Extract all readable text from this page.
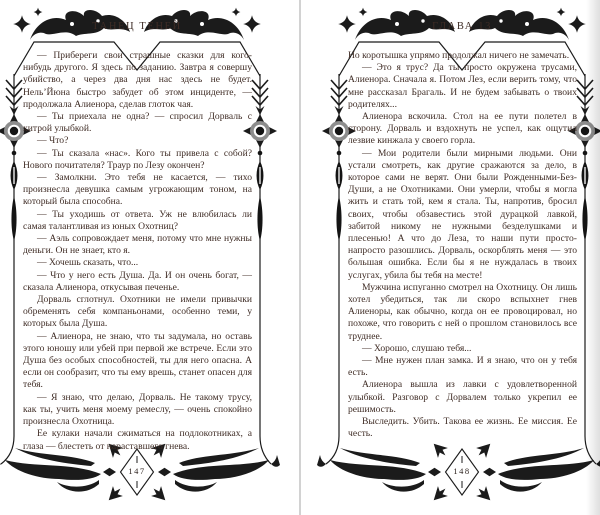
ТАНЕЦ ТЕНЕЙ

— Прибереги свои страшные сказки для кого-нибудь другого. Я здесь по заданию. Завтра я совершу убийство, а через два дня нас здесь не будет. Нель’Йюна быстро забудет об этом инциденте, — продолжала Алиенора, сделав глоток чая.

— Ты приехала не одна? — спросил Дорваль с хитрой улыбкой.

— Что?

— Ты сказала «нас». Кого ты привела с собой? Нового почитателя? Траур по Лезу окончен?

— Замолкни. Это тебя не касается, — тихо произнесла девушка самым угрожающим тоном, на который была способна.

— Ты уходишь от ответа. Уж не влюбилась ли самая талантливая из юных Охотниц?

— Аэль сопровождает меня, потому что мне нужны деньги. Он не знает, кто я.

— Хочешь сказать, что...

— Что у него есть Душа. Да. И он очень богат, — сказала Алиенора, откусывая печенье.

Дорваль сглотнул. Охотники не имели привычки обременять себя компаньонами, особенно теми, у которых была Душа.

— Алиенора, не знаю, что ты задумала, но оставь этого юношу или убей при первой же встрече. Если это Душа без особых способностей, ты для него опасна. А если он сообразит, что ты ему врешь, станет опасен для тебя.

— Я знаю, что делаю, Дорваль. Не такому трусу, как ты, учить меня моему ремеслу, — очень спокойно произнесла Охотница.

Ее кулаки начали сжиматься на подлокотниках, а глаза — блестеть от нараставшего гнева.

147
ГЛАВА 13

Но коротышка упрямо продолжал ничего не замечать.

— Это я трус? Да ты просто окружена трусами, Алиенора. Сначала я. Потом Лез, если верить тому, что мне рассказал Брагаль. И не будем забывать о твоих родителях...

Алиенора вскочила. Стол на ее пути полетел в сторону. Дорваль и вздохнуть не успел, как ощутил лезвие кинжала у своего горла.

— Мои родители были мирными людьми. Они устали смотреть, как другие сражаются за дело, в которое сами не верят. Они были Рожденными-Без-Души, а не Охотниками. Они умерли, чтобы я могла жить и стать той, кем я стала. Ты, напротив, бросил своих, чтобы обзавестись этой дурацкой лавкой, забитой никому не нужными безделушками и плесенью! А что до Леза, то наши пути просто-напросто разошлись. Дорваль, оскорблять меня — это большая ошибка. Если бы я не нуждалась в твоих услугах, убила бы тебя на месте!

Мужчина испуганно смотрел на Охотницу. Он лишь хотел убедиться, так ли скоро вспыхнет гнев Алиеноры, как обычно, когда он ее провоцировал, но похоже, что говорить с ней о прошлом становилось все труднее.

— Хорошо, слушаю тебя...

— Мне нужен план замка. И я знаю, что он у тебя есть.

Алиенора вышла из лавки с удовлетворенной улыбкой. Разговор с Дорвалем только укрепил ее решимость.

Выследить. Убить. Такова ее жизнь. Ее миссия. Ее честь.

148
